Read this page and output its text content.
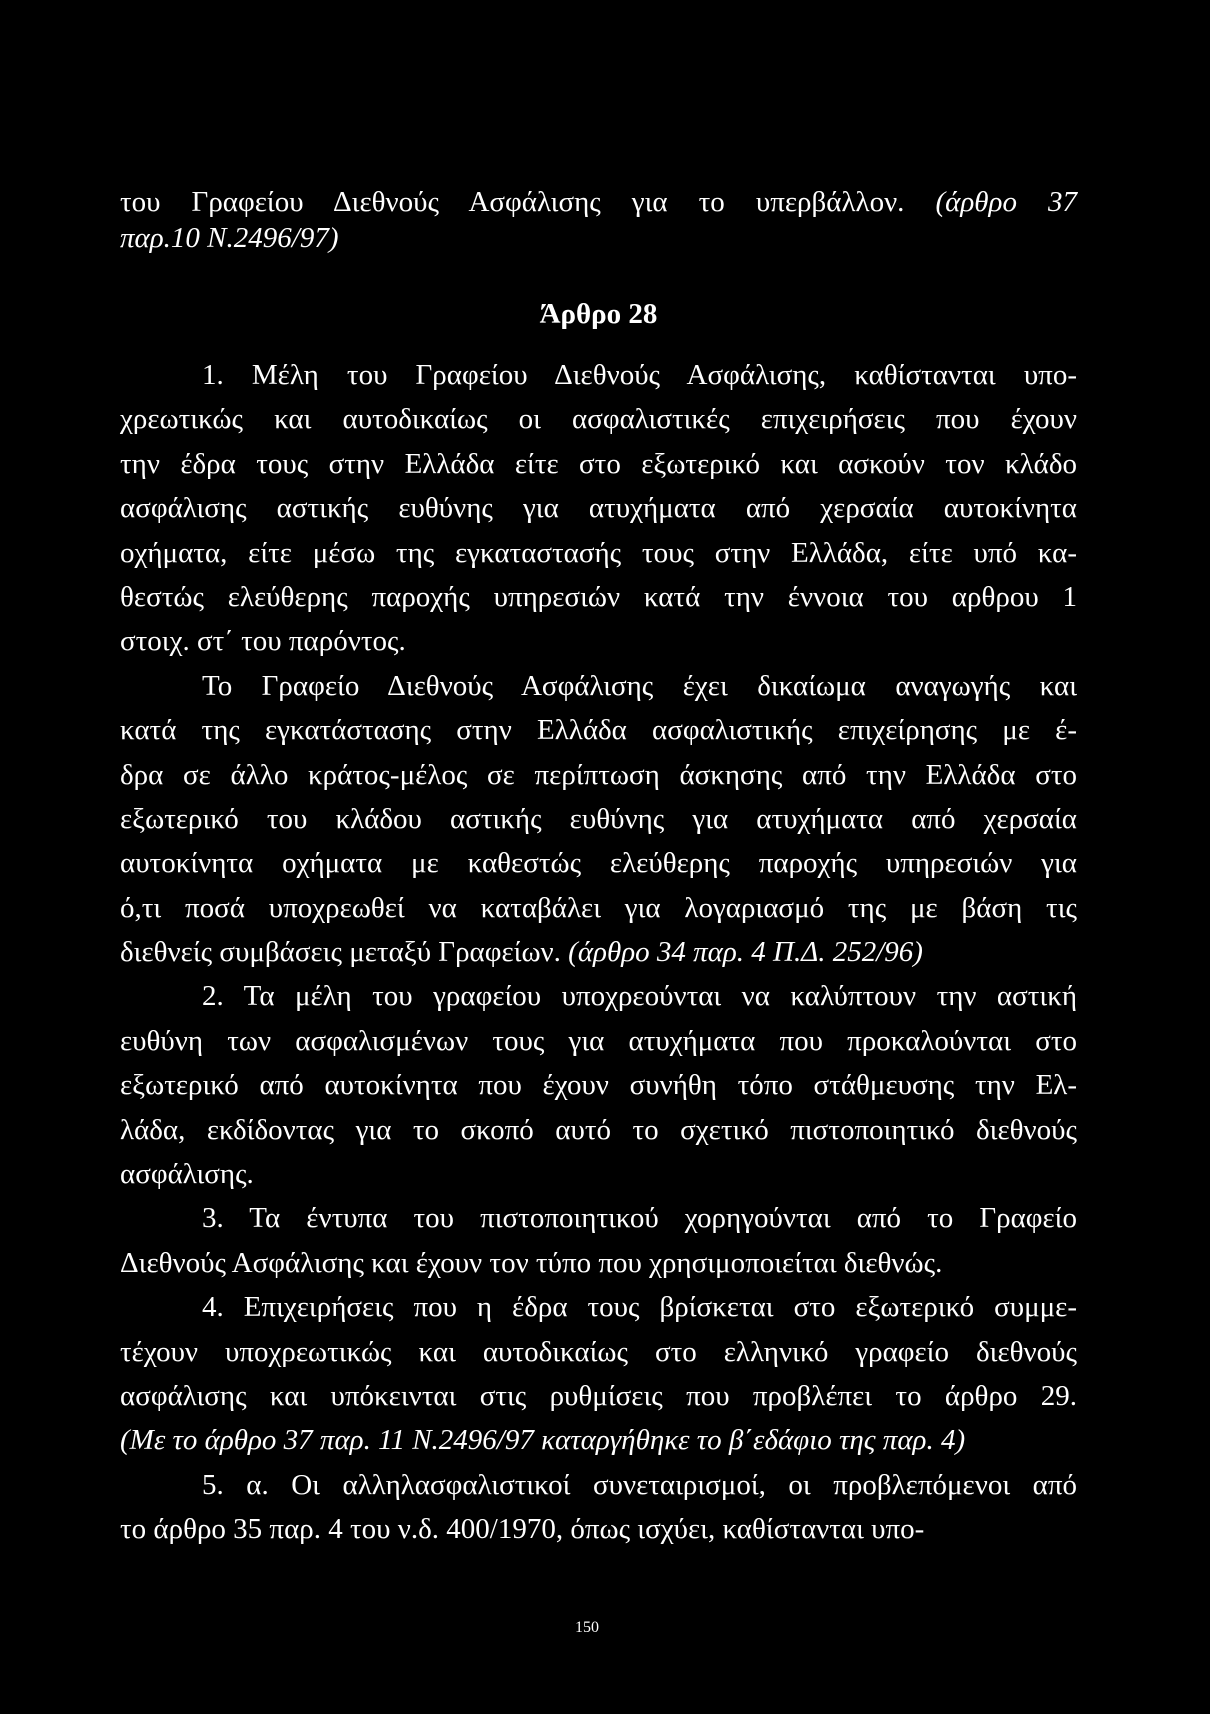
του Γραφείου Διεθνούς Ασφάλισης για το υπερβάλλον. (άρθρο 37
παρ.10 Ν.2496/97)
Άρθρο 28
1. Μέλη του Γραφείου Διεθνούς Ασφάλισης, καθίστανται υπο-
χρεωτικώς και αυτοδικαίως οι ασφαλιστικές επιχειρήσεις που έχουν
την έδρα τους στην Ελλάδα είτε στο εξωτερικό και ασκούν τον κλάδο
ασφάλισης αστικής ευθύνης για ατυχήματα από χερσαία αυτοκίνητα
οχήματα, είτε μέσω της εγκαταστασής τους στην Ελλάδα, είτε υπό κα-
θεστώς ελεύθερης παροχής υπηρεσιών κατά την έννοια του αρθρου 1
στοιχ. στ΄ του παρόντος.
Το Γραφείο Διεθνούς Ασφάλισης έχει δικαίωμα αναγωγής και
κατά της εγκατάστασης στην Ελλάδα ασφαλιστικής επιχείρησης με έ-
δρα σε άλλο κράτος-μέλος σε περίπτωση άσκησης από την Ελλάδα στο
εξωτερικό του κλάδου αστικής ευθύνης για ατυχήματα από χερσαία
αυτοκίνητα οχήματα με καθεστώς ελεύθερης παροχής υπηρεσιών για
ό,τι ποσά υποχρεωθεί να καταβάλει για λογαριασμό της με βάση τις
διεθνείς συμβάσεις μεταξύ Γραφείων. (άρθρο 34 παρ. 4 Π.Δ. 252/96)
2. Τα μέλη του γραφείου υποχρεούνται να καλύπτουν την αστική
ευθύνη των ασφαλισμένων τους για ατυχήματα που προκαλούνται στο
εξωτερικό από αυτοκίνητα που έχουν συνήθη τόπο στάθμευσης την Ελ-
λάδα, εκδίδοντας για το σκοπό αυτό το σχετικό πιστοποιητικό διεθνούς
ασφάλισης.
3. Τα έντυπα του πιστοποιητικού χορηγούνται από το Γραφείο
Διεθνούς Ασφάλισης και έχουν τον τύπο που χρησιμοποιείται διεθνώς.
4. Επιχειρήσεις που η έδρα τους βρίσκεται στο εξωτερικό συμμε-
τέχουν υποχρεωτικώς και αυτοδικαίως στο ελληνικό γραφείο διεθνούς
ασφάλισης και υπόκεινται στις ρυθμίσεις που προβλέπει το άρθρο 29.
(Με το άρθρο 37 παρ. 11 Ν.2496/97 καταργήθηκε το β΄εδάφιο της παρ. 4)
5. α. Οι αλληλασφαλιστικοί συνεταιρισμοί, οι προβλεπόμενοι από
το άρθρο 35 παρ. 4 του ν.δ. 400/1970, όπως ισχύει, καθίστανται υπο-
150
